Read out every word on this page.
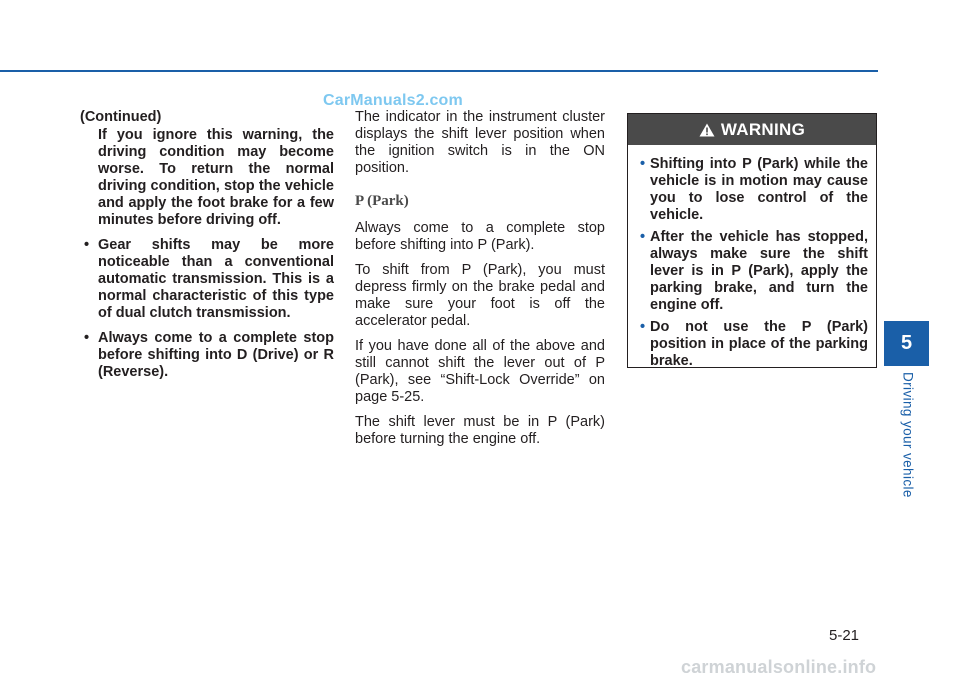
CarManuals2.com
(Continued)

If you ignore this warning, the driving condition may become worse. To return the normal driving condition, stop the vehicle and apply the foot brake for a few minutes before driving off.

• Gear shifts may be more noticeable than a conventional automatic transmission. This is a normal characteristic of this type of dual clutch transmission.
• Always come to a complete stop before shifting into D (Drive) or R (Reverse).

The indicator in the instrument cluster displays the shift lever position when the ignition switch is in the ON position.

P (Park)

Always come to a complete stop before shifting into P (Park).

To shift from P (Park), you must depress firmly on the brake pedal and make sure your foot is off the accelerator pedal.

If you have done all of the above and still cannot shift the lever out of P (Park), see “Shift-Lock Override” on page 5-25.

The shift lever must be in P (Park) before turning the engine off.

WARNING
• Shifting into P (Park) while the vehicle is in motion may cause you to lose control of the vehicle.
• After the vehicle has stopped, always make sure the shift lever is in P (Park), apply the parking brake, and turn the engine off.
• Do not use the P (Park) position in place of the parking brake.
5
Driving your vehicle
5-21
carmanualsonline.info
